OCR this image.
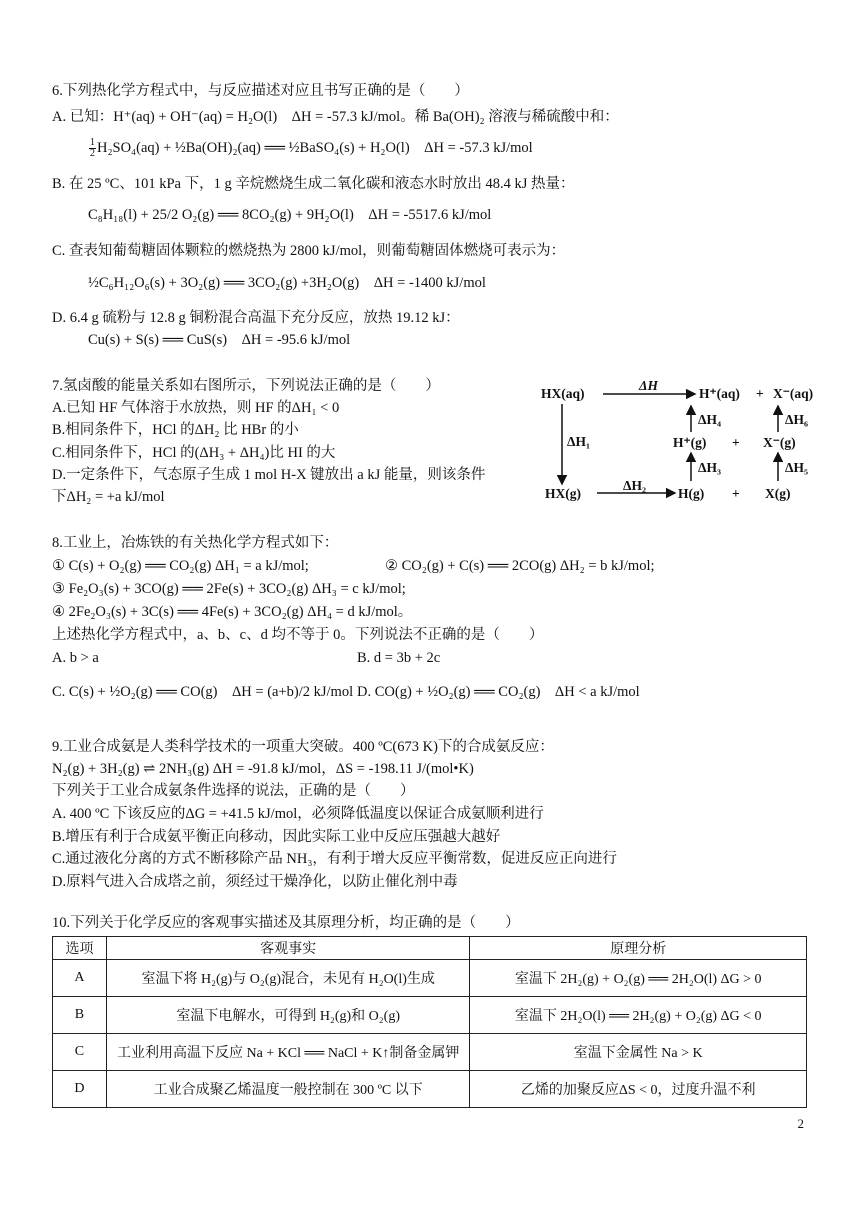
6.下列热化学方程式中，与反应描述对应且书写正确的是（　　）
A. 已知：H⁺(aq) + OH⁻(aq) = H₂O(l)　ΔH = -57.3 kJ/mol。稀 Ba(OH)₂ 溶液与稀硫酸中和：
$\frac{1}{2} H_2SO_4(aq)$ + ½Ba(OH)₂(aq) ══ ½BaSO₄(s) + H₂O(l)　ΔH = -57.3 kJ/mol
B. 在 25 ºC、101 kPa 下，1 g 辛烷燃烧生成二氧化碳和液态水时放出 48.4 kJ 热量：
C₈H₁₈(l) + 25/2 O₂(g) ══ 8CO₂(g) + 9H₂O(l)　ΔH = -5517.6 kJ/mol
C. 查表知葡萄糖固体颗粒的燃烧热为 2800 kJ/mol，则葡萄糖固体燃烧可表示为：
½C₆H₁₂O₆(s) + 3O₂(g) ══ 3CO₂(g) +3H₂O(g)　ΔH = -1400 kJ/mol
D. 6.4 g 硫粉与 12.8 g 铜粉混合高温下充分反应，放热 19.12 kJ：
Cu(s) + S(s) ══ CuS(s)　ΔH = -95.6 kJ/mol
7.氢卤酸的能量关系如右图所示，下列说法正确的是（　　）
A.已知 HF 气体溶于水放热，则 HF 的ΔH₁ < 0
B.相同条件下，HCl 的ΔH₂ 比 HBr 的小
C.相同条件下，HCl 的(ΔH₃ + ΔH₄)比 HI 的大
D.一定条件下，气态原子生成 1 mol H-X 键放出 a kJ 能量，则该条件
下ΔH₂ = +a kJ/mol
HX(aq)
ΔH
H⁺(aq) + X⁻(aq)
ΔH₄	ΔH₆
ΔH₁	H⁺(g) + X⁻(g)
ΔH₃	ΔH₅
ΔH₂
HX(g)	H(g) + X(g)
8.工业上，冶炼铁的有关热化学方程式如下：
① C(s) + O₂(g) ══ CO₂(g) ΔH₁ = a kJ/mol;	② CO₂(g) + C(s) ══ 2CO(g) ΔH₂ = b kJ/mol;
③ Fe₂O₃(s) + 3CO(g) ══ 2Fe(s) + 3CO₂(g) ΔH₃ = c kJ/mol;
④ 2Fe₂O₃(s) + 3C(s) ══ 4Fe(s) + 3CO₂(g) ΔH₄ = d kJ/mol。
上述热化学方程式中，a、b、c、d 均不等于 0。下列说法不正确的是（　　）
A. b > a	B. d = 3b + 2c
C. C(s) + ½O₂(g) ══ CO(g)　ΔH = (a+b)/2 kJ/mol D. CO(g) + ½O₂(g) ══ CO₂(g)　ΔH < a kJ/mol
9.工业合成氨是人类科学技术的一项重大突破。400 ºC(673 K)下的合成氨反应：
N₂(g) + 3H₂(g) ⇌ 2NH₃(g) ΔH = -91.8 kJ/mol，ΔS = -198.11 J/(mol•K)
下列关于工业合成氨条件选择的说法，正确的是（　　）
A. 400 ºC 下该反应的ΔG = +41.5 kJ/mol，必须降低温度以保证合成氨顺利进行
B.增压有利于合成氨平衡正向移动，因此实际工业中反应压强越大越好
C.通过液化分离的方式不断移除产品 NH₃，有利于增大反应平衡常数，促进反应正向进行
D.原料气进入合成塔之前，须经过干燥净化，以防止催化剂中毒
10.下列关于化学反应的客观事实描述及其原理分析，均正确的是（　　）
选项	客观事实	原理分析
A	室温下将 H₂(g)与 O₂(g)混合，未见有 H₂O(l)生成	室温下 2H₂(g) + O₂(g) ══ 2H₂O(l) ΔG > 0
B	室温下电解水，可得到 H₂(g)和 O₂(g)	室温下 2H₂O(l) ══ 2H₂(g) + O₂(g) ΔG < 0
C	工业利用高温下反应 Na + KCl ══ NaCl + K↑制备金属钾	室温下金属性 Na > K
D	工业合成聚乙烯温度一般控制在 300 ºC 以下	乙烯的加聚反应ΔS < 0，过度升温不利
2
